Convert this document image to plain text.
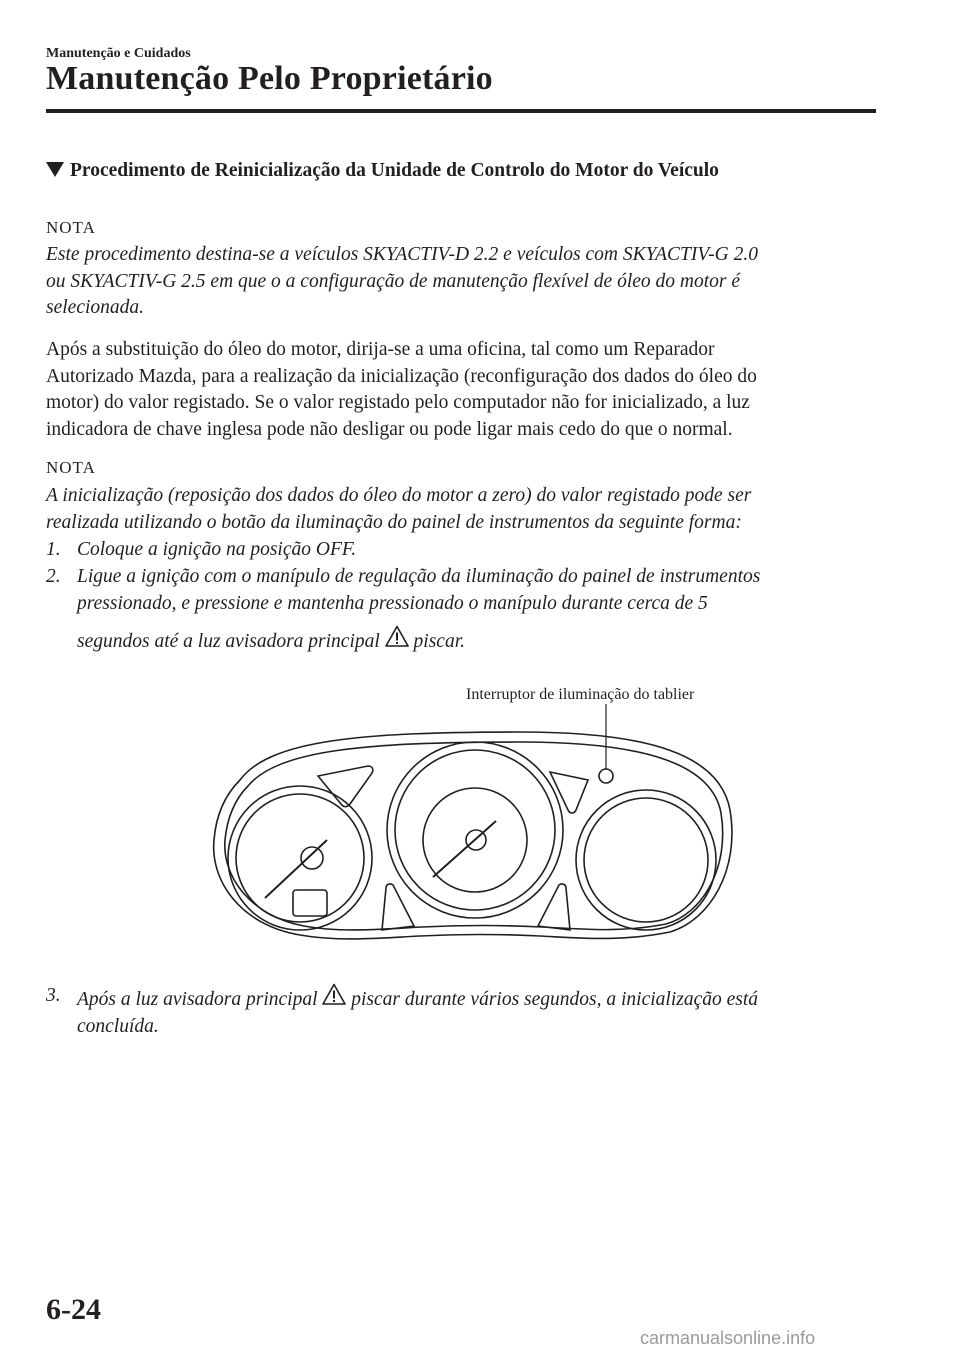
Manutenção e Cuidados
Manutenção Pelo Proprietário
Procedimento de Reinicialização da Unidade de Controlo do Motor do Veículo
NOTA
Este procedimento destina-se a veículos SKYACTIV-D 2.2 e veículos com SKYACTIV-G 2.0
ou SKYACTIV-G 2.5 em que o a configuração de manutenção flexível de óleo do motor é
selecionada.
Após a substituição do óleo do motor, dirija-se a uma oficina, tal como um Reparador
Autorizado Mazda, para a realização da inicialização (reconfiguração dos dados do óleo do
motor) do valor registado. Se o valor registado pelo computador não for inicializado, a luz
indicadora de chave inglesa pode não desligar ou pode ligar mais cedo do que o normal.
NOTA
A inicialização (reposição dos dados do óleo do motor a zero) do valor registado pode ser
realizada utilizando o botão da iluminação do painel de instrumentos da seguinte forma:
1. Coloque a ignição na posição OFF.
2. Ligue a ignição com o manípulo de regulação da iluminação do painel de instrumentos
pressionado, e pressione e mantenha pressionado o manípulo durante cerca de 5
segundos até a luz avisadora principal piscar.
Interruptor de iluminação do tablier
3. Após a luz avisadora principal piscar durante vários segundos, a inicialização está
concluída.
6-24
carmanualsonline.info
